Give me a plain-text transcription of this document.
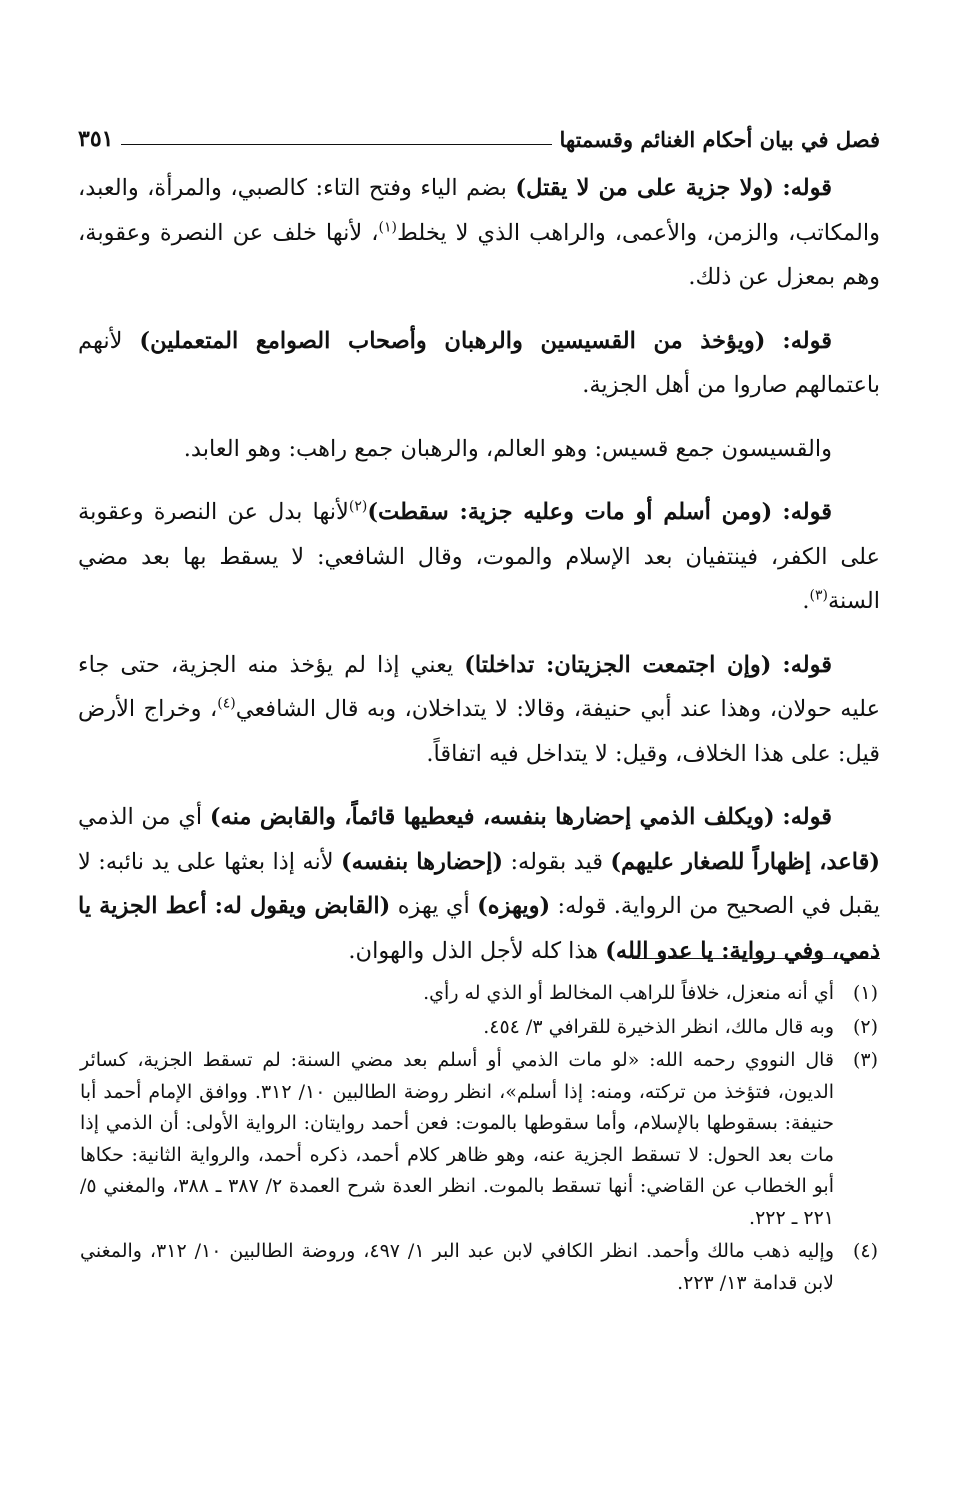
فصل في بيان أحكام الغنائم وقسمتها
٣٥١

قوله: (ولا جزية على من لا يقتل) بضم الياء وفتح التاء: كالصبي، والمرأة، والعبد، والمكاتب، والزمن، والأعمى، والراهب الذي لا يخلط$^{(١)}$، لأنها خلف عن النصرة وعقوبة، وهم بمعزل عن ذلك.

قوله: (ويؤخذ من القسيسين والرهبان وأصحاب الصوامع المتعملين) لأنهم باعتمالهم صاروا من أهل الجزية.

والقسيسون جمع قسيس: وهو العالم، والرهبان جمع راهب: وهو العابد.

قوله: (ومن أسلم أو مات وعليه جزية: سقطت)$^{(٢)}$لأنها بدل عن النصرة وعقوبة على الكفر، فينتفيان بعد الإسلام والموت، وقال الشافعي: لا يسقط بها بعد مضي السنة$^{(٣)}$.

قوله: (وإن اجتمعت الجزيتان: تداخلتا) يعني إذا لم يؤخذ منه الجزية، حتى جاء عليه حولان، وهذا عند أبي حنيفة، وقالا: لا يتداخلان، وبه قال الشافعي$^{(٤)}$، وخراج الأرض قيل: على هذا الخلاف، وقيل: لا يتداخل فيه اتفاقاً.

قوله: (ويكلف الذمي إحضارها بنفسه، فيعطيها قائماً، والقابض منه) أي من الذمي (قاعد، إظهاراً للصغار عليهم) قيد بقوله: (إحضارها بنفسه) لأنه إذا بعثها على يد نائبه: لا يقبل في الصحيح من الرواية. قوله: (ويهزه) أي يهزه (القابض ويقول له: أعط الجزية يا ذمي، وفي رواية: يا عدو الله) هذا كله لأجل الذل والهوان.

(١)
أي أنه منعزل، خلافاً للراهب المخالط أو الذي له رأي.
(٢)
وبه قال مالك، انظر الذخيرة للقرافي ٣/ ٤٥٤.
(٣)
قال النووي رحمه الله: «لو مات الذمي أو أسلم بعد مضي السنة: لم تسقط الجزية، كسائر الديون، فتؤخذ من تركته، ومنه: إذا أسلم»، انظر روضة الطالبين ١٠/ ٣١٢. ووافق الإمام أحمد أبا حنيفة: بسقوطها بالإسلام، وأما سقوطها بالموت: فعن أحمد روايتان: الرواية الأولى: أن الذمي إذا مات بعد الحول: لا تسقط الجزية عنه، وهو ظاهر كلام أحمد، ذكره أحمد، والرواية الثانية: حكاها أبو الخطاب عن القاضي: أنها تسقط بالموت. انظر العدة شرح العمدة ٢/ ٣٨٧ ـ ٣٨٨، والمغني ٥/ ٢٢١ ـ ٢٢٢.
(٤)
وإليه ذهب مالك وأحمد. انظر الكافي لابن عبد البر ١/ ٤٩٧، وروضة الطالبين ١٠/ ٣١٢، والمغني لابن قدامة ١٣/ ٢٢٣.
